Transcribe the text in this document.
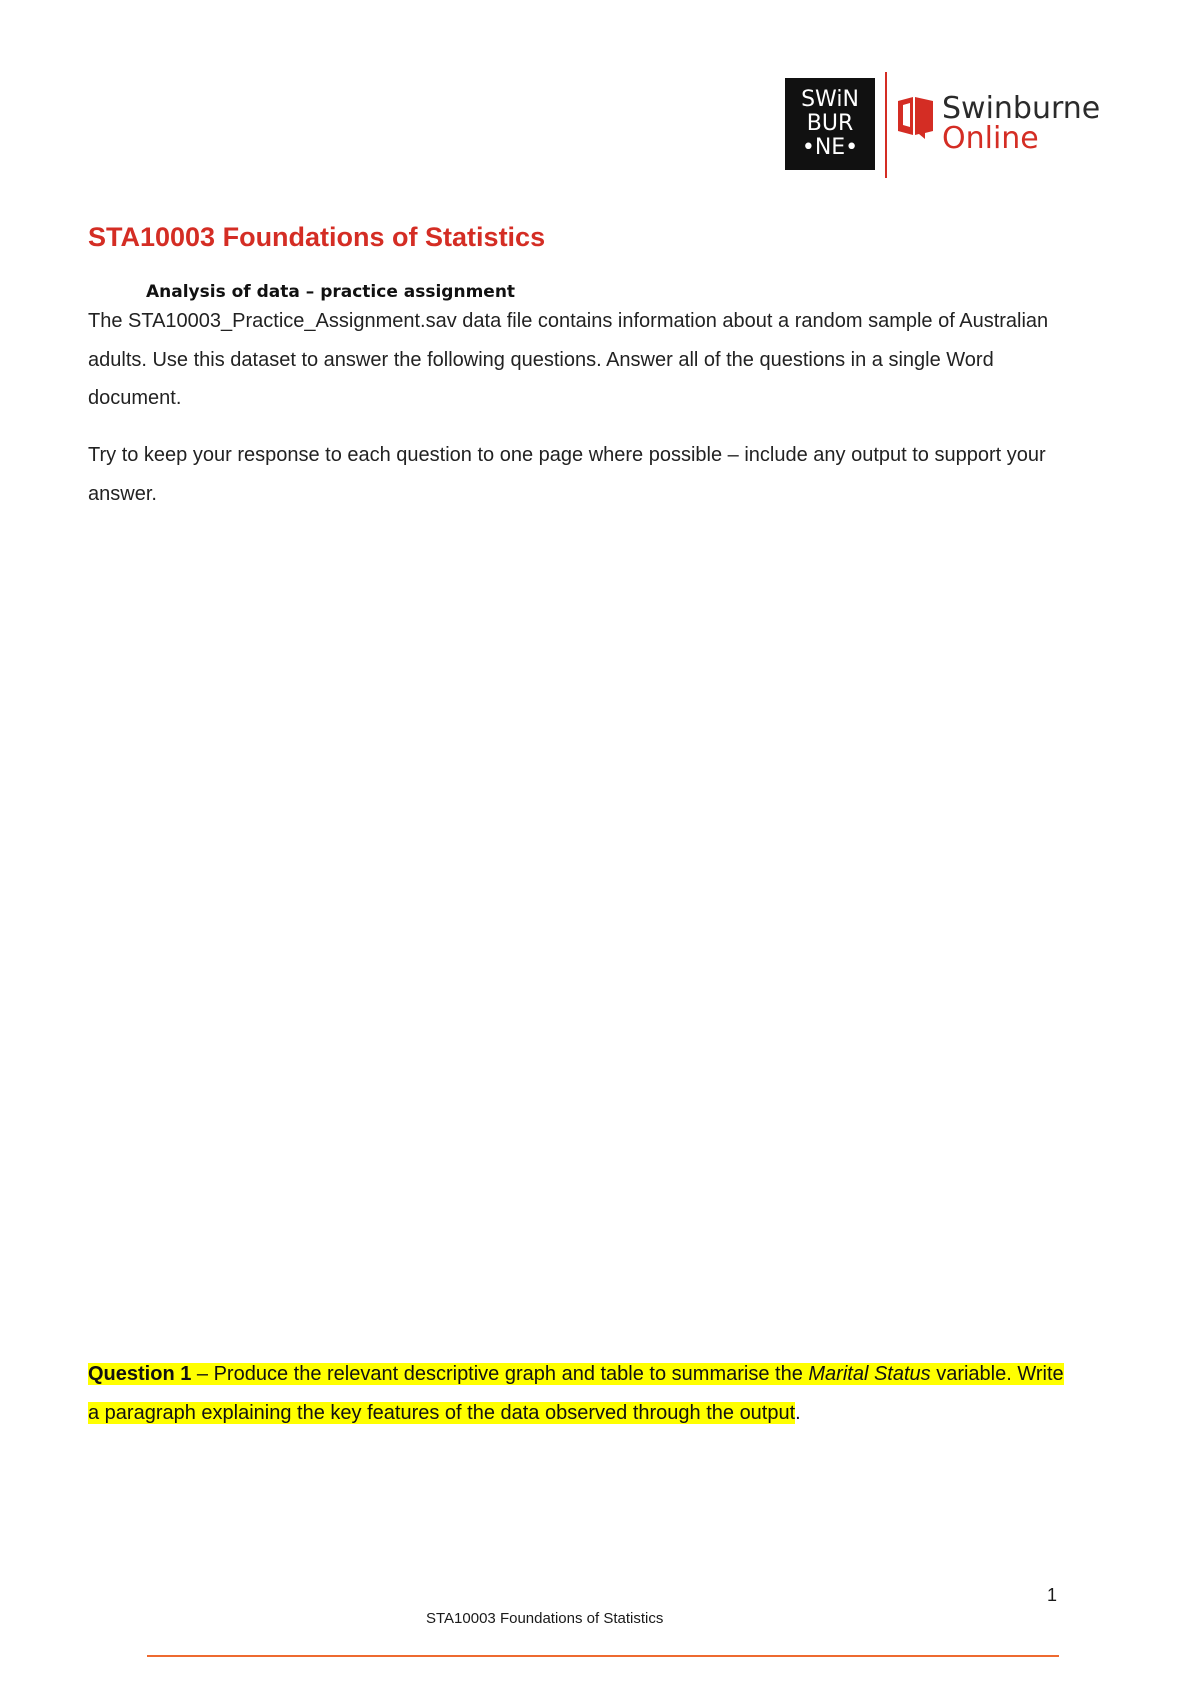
SWiN
BUR
•NE•
Swinburne
Online
STA10003 Foundations of Statistics
Analysis of data – practice assignment

The STA10003_Practice_Assignment.sav data file contains information about a random sample of Australian adults. Use this dataset to answer the following questions. Answer all of the questions in a single Word document.

Try to keep your response to each question to one page where possible – include any output to support your answer.

Question 1 – Produce the relevant descriptive graph and table to summarise the Marital Status variable. Write a paragraph explaining the key features of the data observed through the output.

1
STA10003 Foundations of Statistics
